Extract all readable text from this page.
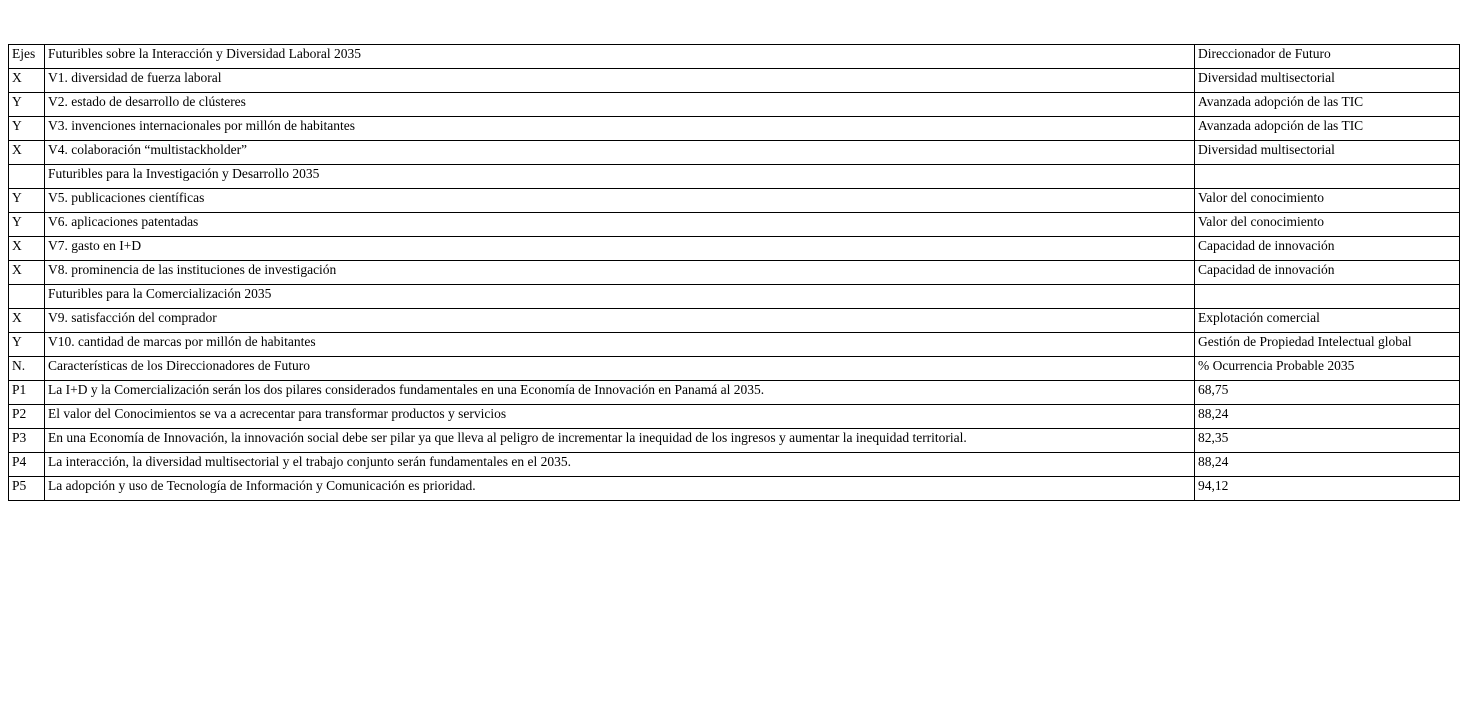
Ejes	Futuribles sobre la Interacción y Diversidad Laboral 2035	Direccionador de Futuro
X	V1. diversidad de fuerza laboral	Diversidad multisectorial
Y	V2. estado de desarrollo de clústeres	Avanzada adopción de las TIC
Y	V3. invenciones internacionales por millón de habitantes	Avanzada adopción de las TIC
X	V4. colaboración “multistackholder”	Diversidad multisectorial
	Futuribles para la Investigación y Desarrollo 2035	
Y	V5. publicaciones científicas	Valor del conocimiento
Y	V6. aplicaciones patentadas	Valor del conocimiento
X	V7. gasto en I+D	Capacidad de innovación
X	V8. prominencia de las instituciones de investigación	Capacidad de innovación
	Futuribles para la Comercialización 2035	
X	V9. satisfacción del comprador	Explotación comercial
Y	V10. cantidad de marcas por millón de habitantes	Gestión de Propiedad Intelectual global
N.	Características de los Direccionadores de Futuro	% Ocurrencia Probable 2035
P1	La I+D y la Comercialización serán los dos pilares considerados fundamentales en una Economía de Innovación en Panamá al 2035.	68,75
P2	El valor del Conocimientos se va a acrecentar para transformar productos y servicios	88,24
P3	En una Economía de Innovación, la innovación social debe ser pilar ya que lleva al peligro de incrementar la inequidad de los ingresos y aumentar la inequidad territorial.	82,35
P4	La interacción, la diversidad multisectorial y el trabajo conjunto serán fundamentales en el 2035.	88,24
P5	La adopción y uso de Tecnología de Información y Comunicación es prioridad.	94,12
